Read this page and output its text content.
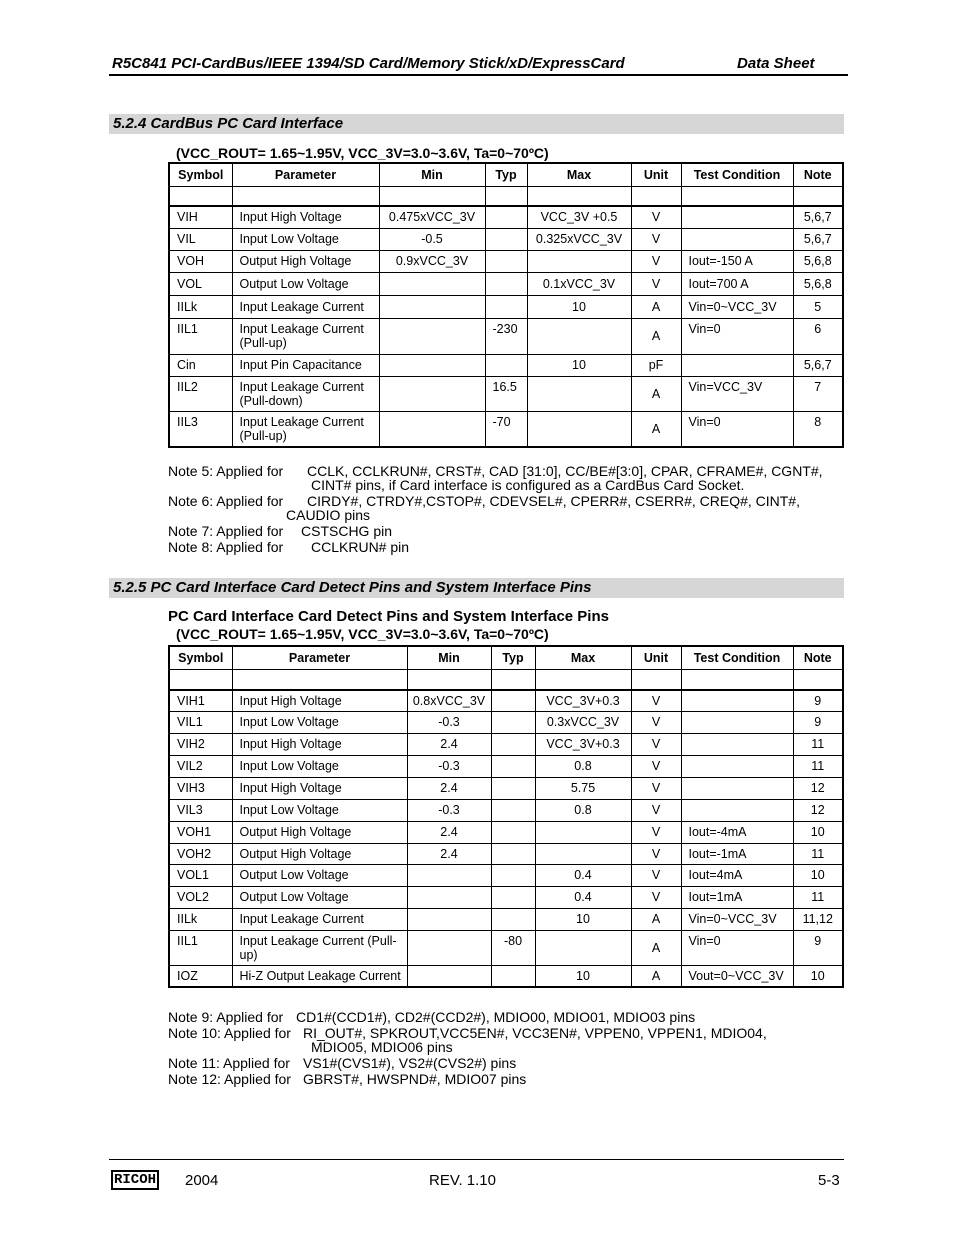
R5C841 PCI-CardBus/IEEE 1394/SD Card/Memory Stick/xD/ExpressCard	Data Sheet
5.2.4 CardBus PC Card Interface
(VCC_ROUT= 1.65~1.95V, VCC_3V=3.0~3.6V, Ta=0~70ºC)
Symbol	Parameter	Min	Typ	Max	Unit	Test Condition	Note

VIH	Input High Voltage	0.475xVCC_3V		VCC_3V +0.5	V		5,6,7
VIL	Input Low Voltage	-0.5		0.325xVCC_3V	V		5,6,7
VOH	Output High Voltage	0.9xVCC_3V			V	Iout=-150 A	5,6,8
VOL	Output Low Voltage			0.1xVCC_3V	V	Iout=700 A	5,6,8
IILk	Input Leakage Current			10	A	Vin=0~VCC_3V	5
IIL1	Input Leakage Current (Pull-up)		-230		A	Vin=0	6
Cin	Input Pin Capacitance			10	pF		5,6,7
IIL2	Input Leakage Current (Pull-down)		16.5		A	Vin=VCC_3V	7
IIL3	Input Leakage Current (Pull-up)		-70		A	Vin=0	8
Note 5: Applied for CCLK, CCLKRUN#, CRST#, CAD [31:0], CC/BE#[3:0], CPAR, CFRAME#, CGNT#,
CINT# pins, if Card interface is configured as a CardBus Card Socket.
Note 6: Applied for CIRDY#, CTRDY#,CSTOP#, CDEVSEL#, CPERR#, CSERR#, CREQ#, CINT#,
CAUDIO pins
Note 7: Applied for CSTSCHG pin
Note 8: Applied for CCLKRUN# pin
5.2.5 PC Card Interface Card Detect Pins and System Interface Pins
PC Card Interface Card Detect Pins and System Interface Pins
(VCC_ROUT= 1.65~1.95V, VCC_3V=3.0~3.6V, Ta=0~70ºC)
Symbol	Parameter	Min	Typ	Max	Unit	Test Condition	Note

VIH1	Input High Voltage	0.8xVCC_3V		VCC_3V+0.3	V		9
VIL1	Input Low Voltage	-0.3		0.3xVCC_3V	V		9
VIH2	Input High Voltage	2.4		VCC_3V+0.3	V		11
VIL2	Input Low Voltage	-0.3		0.8	V		11
VIH3	Input High Voltage	2.4		5.75	V		12
VIL3	Input Low Voltage	-0.3		0.8	V		12
VOH1	Output High Voltage	2.4			V	Iout=-4mA	10
VOH2	Output High Voltage	2.4			V	Iout=-1mA	11
VOL1	Output Low Voltage			0.4	V	Iout=4mA	10
VOL2	Output Low Voltage			0.4	V	Iout=1mA	11
IILk	Input Leakage Current			10	A	Vin=0~VCC_3V	11,12
IIL1	Input Leakage Current (Pull-up)		-80		A	Vin=0	9
IOZ	Hi-Z Output Leakage Current			10	A	Vout=0~VCC_3V	10
Note 9: Applied for CD1#(CCD1#), CD2#(CCD2#), MDIO00, MDIO01, MDIO03 pins
Note 10: Applied for RI_OUT#, SPKROUT,VCC5EN#, VCC3EN#, VPPEN0, VPPEN1, MDIO04,
MDIO05, MDIO06 pins
Note 11: Applied for VS1#(CVS1#), VS2#(CVS2#) pins
Note 12: Applied for GBRST#, HWSPND#, MDIO07 pins
RICOH 2004	REV. 1.10	5-3
